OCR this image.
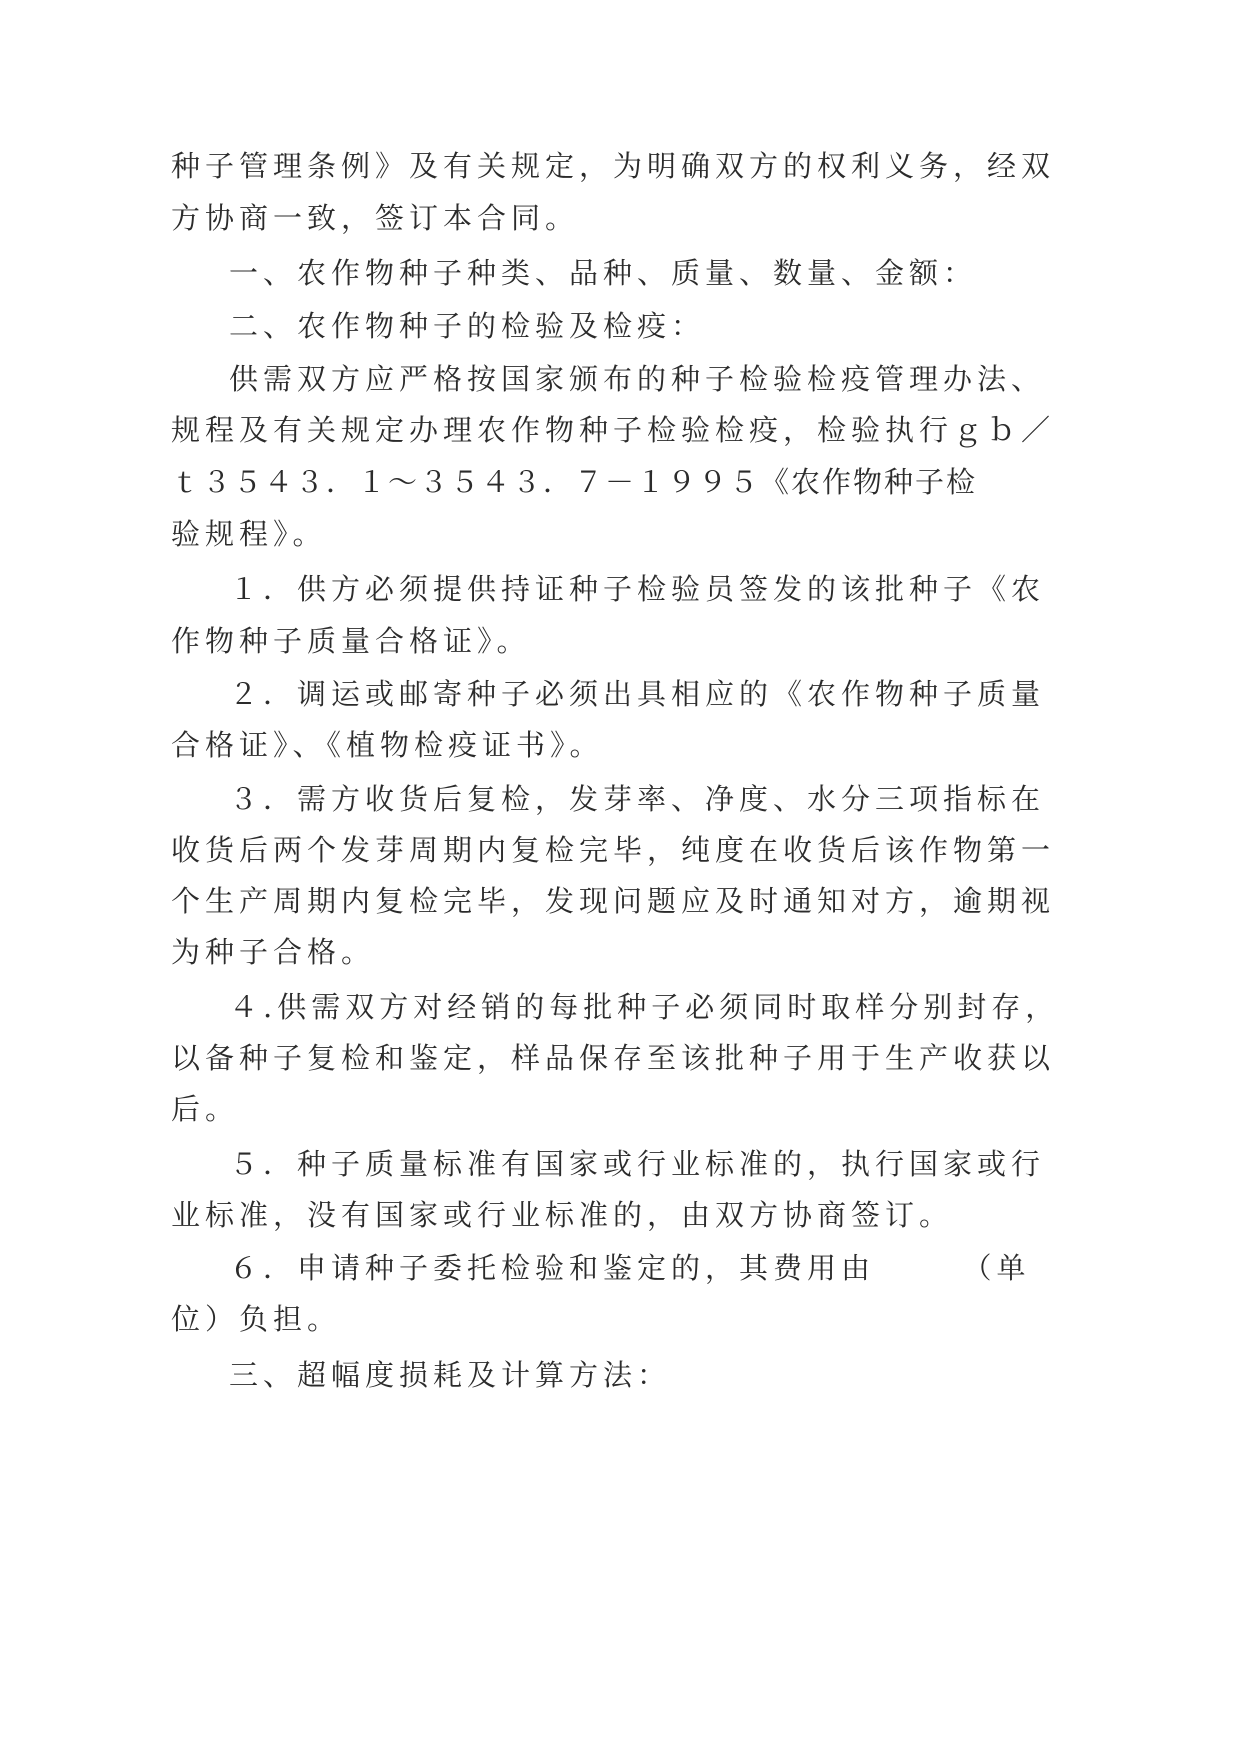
种子管理条例》及有关规定，为明确双方的权利义务，经双
方协商一致，签订本合同。
一、农作物种子种类、品种、质量、数量、金额：
二、农作物种子的检验及检疫：
供需双方应严格按国家颁布的种子检验检疫管理办法、
规程及有关规定办理农作物种子检验检疫，检验执行ｇｂ／
ｔ３５４３．１～３５４３．７－１９９５《农作物种子检
验规程》。
１．供方必须提供持证种子检验员签发的该批种子《农
作物种子质量合格证》。
２．调运或邮寄种子必须出具相应的《农作物种子质量
合格证》、《植物检疫证书》。
３．需方收货后复检，发芽率、净度、水分三项指标在
收货后两个发芽周期内复检完毕，纯度在收货后该作物第一
个生产周期内复检完毕，发现问题应及时通知对方，逾期视
为种子合格。
４.供需双方对经销的每批种子必须同时取样分别封存，
以备种子复检和鉴定，样品保存至该批种子用于生产收获以
后。
５．种子质量标准有国家或行业标准的，执行国家或行
业标准，没有国家或行业标准的，由双方协商签订。
６．申请种子委托检验和鉴定的，其费用由　　　（单
位）负担。
三、超幅度损耗及计算方法：
